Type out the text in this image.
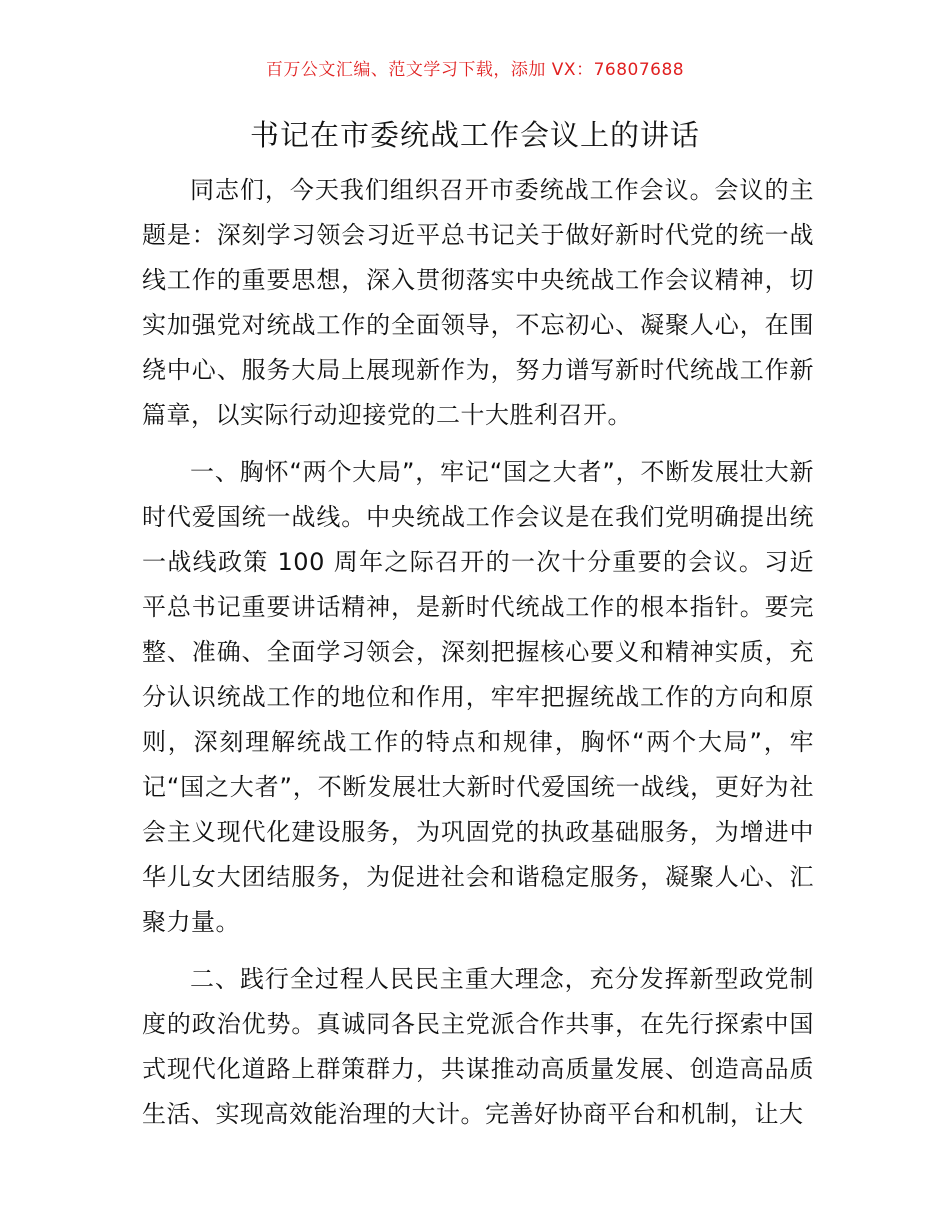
百万公文汇编、范文学习下载，添加 VX：76807688
书记在市委统战工作会议上的讲话

同志们，今天我们组织召开市委统战工作会议。会议的主题是：深刻学习领会习近平总书记关于做好新时代党的统一战线工作的重要思想，深入贯彻落实中央统战工作会议精神，切实加强党对统战工作的全面领导，不忘初心、凝聚人心，在围绕中心、服务大局上展现新作为，努力谱写新时代统战工作新篇章，以实际行动迎接党的二十大胜利召开。

一、胸怀“两个大局”，牢记“国之大者”，不断发展壮大新时代爱国统一战线。中央统战工作会议是在我们党明确提出统一战线政策 100 周年之际召开的一次十分重要的会议。习近平总书记重要讲话精神，是新时代统战工作的根本指针。要完整、准确、全面学习领会，深刻把握核心要义和精神实质，充分认识统战工作的地位和作用，牢牢把握统战工作的方向和原则，深刻理解统战工作的特点和规律，胸怀“两个大局”，牢记“国之大者”，不断发展壮大新时代爱国统一战线，更好为社会主义现代化建设服务，为巩固党的执政基础服务，为增进中华儿女大团结服务，为促进社会和谐稳定服务，凝聚人心、汇聚力量。

二、践行全过程人民民主重大理念，充分发挥新型政党制度的政治优势。真诚同各民主党派合作共事，在先行探索中国式现代化道路上群策群力，共谋推动高质量发展、创造高品质生活、实现高效能治理的大计。完善好协商平台和机制，让大
